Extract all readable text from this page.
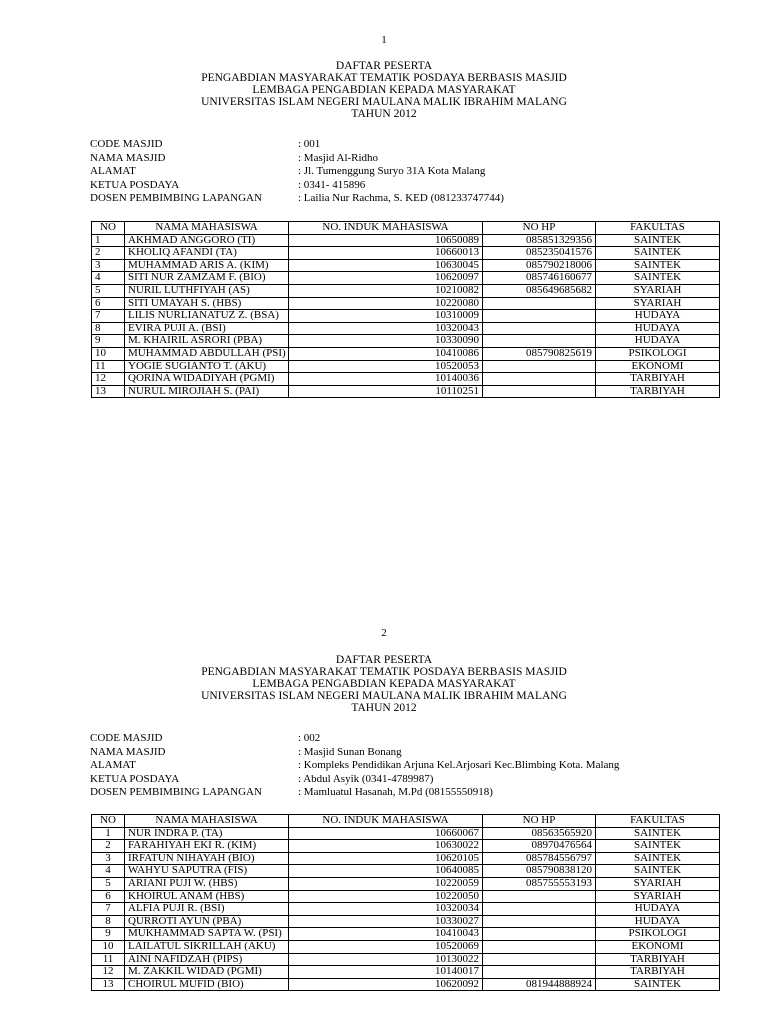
1
DAFTAR PESERTA
PENGABDIAN MASYARAKAT TEMATIK POSDAYA BERBASIS MASJID
LEMBAGA PENGABDIAN KEPADA MASYARAKAT
UNIVERSITAS ISLAM NEGERI MAULANA MALIK IBRAHIM MALANG
TAHUN 2012
CODE MASJID	: 001
NAMA MASJID	: Masjid Al-Ridho
ALAMAT	: Jl. Tumenggung Suryo 31A Kota Malang
KETUA POSDAYA	: 0341- 415896
DOSEN PEMBIMBING LAPANGAN	: Lailia Nur Rachma, S. KED (081233747744)
NO	NAMA MAHASISWA	NO. INDUK MAHASISWA	NO HP	FAKULTAS
1	AKHMAD ANGGORO (TI)	10650089	085851329356	SAINTEK
2	KHOLIQ AFANDI (TA)	10660013	085235041576	SAINTEK
3	MUHAMMAD ARIS A. (KIM)	10630045	085790218006	SAINTEK
4	SITI NUR ZAMZAM F. (BIO)	10620097	085746160677	SAINTEK
5	NURIL LUTHFIYAH (AS)	10210082	085649685682	SYARIAH
6	SITI UMAYAH S. (HBS)	10220080		SYARIAH
7	LILIS NURLIANATUZ Z. (BSA)	10310009		HUDAYA
8	EVIRA PUJI A. (BSI)	10320043		HUDAYA
9	M. KHAIRIL ASRORI (PBA)	10330090		HUDAYA
10	MUHAMMAD ABDULLAH (PSI)	10410086	085790825619	PSIKOLOGI
11	YOGIE SUGIANTO T. (AKU)	10520053		EKONOMI
12	QORINA WIDADIYAH (PGMI)	10140036		TARBIYAH
13	NURUL MIROJIAH S. (PAI)	10110251		TARBIYAH
2
DAFTAR PESERTA
PENGABDIAN MASYARAKAT TEMATIK POSDAYA BERBASIS MASJID
LEMBAGA PENGABDIAN KEPADA MASYARAKAT
UNIVERSITAS ISLAM NEGERI MAULANA MALIK IBRAHIM MALANG
TAHUN 2012
CODE MASJID	: 002
NAMA MASJID	: Masjid Sunan Bonang
ALAMAT	: Kompleks Pendidikan Arjuna Kel.Arjosari Kec.Blimbing Kota. Malang
KETUA POSDAYA	: Abdul Asyik (0341-4789987)
DOSEN PEMBIMBING LAPANGAN	: Mamluatul Hasanah, M.Pd (08155550918)
NO	NAMA MAHASISWA	NO. INDUK MAHASISWA	NO HP	FAKULTAS
1	NUR INDRA P. (TA)	10660067	08563565920	SAINTEK
2	FARAHIYAH EKI R. (KIM)	10630022	08970476564	SAINTEK
3	IRFATUN NIHAYAH (BIO)	10620105	085784556797	SAINTEK
4	WAHYU SAPUTRA (FIS)	10640085	085790838120	SAINTEK
5	ARIANI PUJI W. (HBS)	10220059	085755553193	SYARIAH
6	KHOIRUL ANAM (HBS)	10220050		SYARIAH
7	ALFIA PUJI R. (BSI)	10320034		HUDAYA
8	QURROTI AYUN (PBA)	10330027		HUDAYA
9	MUKHAMMAD SAPTA W. (PSI)	10410043		PSIKOLOGI
10	LAILATUL SIKRILLAH (AKU)	10520069		EKONOMI
11	AINI NAFIDZAH (PIPS)	10130022		TARBIYAH
12	M. ZAKKIL WIDAD (PGMI)	10140017		TARBIYAH
13	CHOIRUL MUFID (BIO)	10620092	081944888924	SAINTEK
